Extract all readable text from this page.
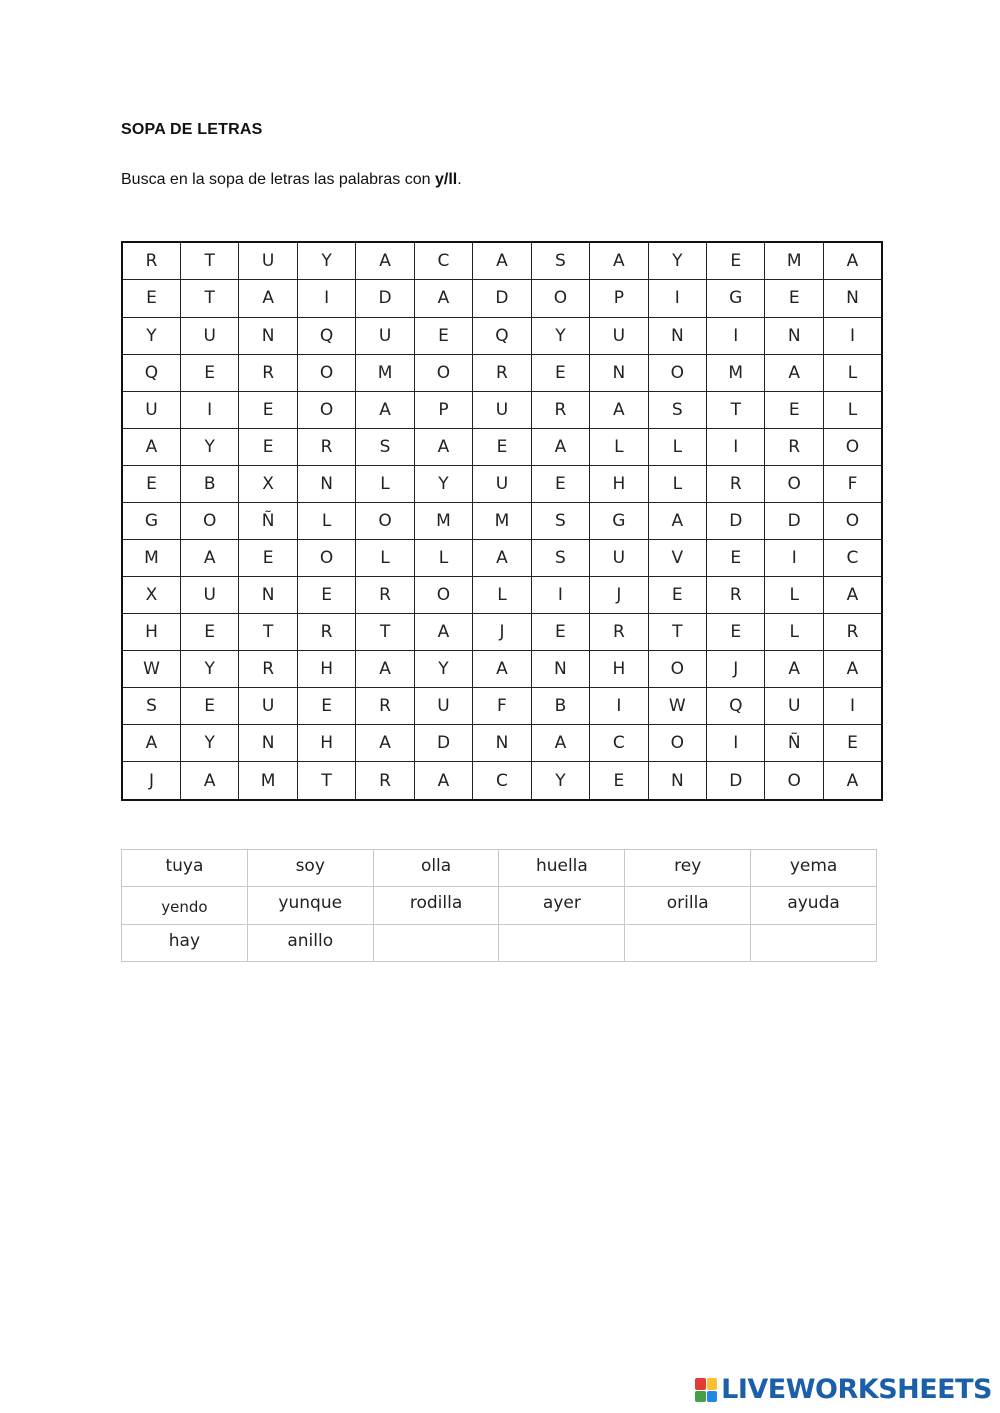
SOPA DE LETRAS
Busca en la sopa de letras las palabras con y/ll.
R	T	U	Y	A	C	A	S	A	Y	E	M	A
E	T	A	I	D	A	D	O	P	I	G	E	N
Y	U	N	Q	U	E	Q	Y	U	N	I	N	I
Q	E	R	O	M	O	R	E	N	O	M	A	L
U	I	E	O	A	P	U	R	A	S	T	E	L
A	Y	E	R	S	A	E	A	L	L	I	R	O
E	B	X	N	L	Y	U	E	H	L	R	O	F
G	O	Ñ	L	O	M	M	S	G	A	D	D	O
M	A	E	O	L	L	A	S	U	V	E	I	C
X	U	N	E	R	O	L	I	J	E	R	L	A
H	E	T	R	T	A	J	E	R	T	E	L	R
W	Y	R	H	A	Y	A	N	H	O	J	A	A
S	E	U	E	R	U	F	B	I	W	Q	U	I
A	Y	N	H	A	D	N	A	C	O	I	Ñ	E
J	A	M	T	R	A	C	Y	E	N	D	O	A
tuya	soy	olla	huella	rey	yema
yendo	yunque	rodilla	ayer	orilla	ayuda
hay	anillo				
LIVEWORKSHEETS
